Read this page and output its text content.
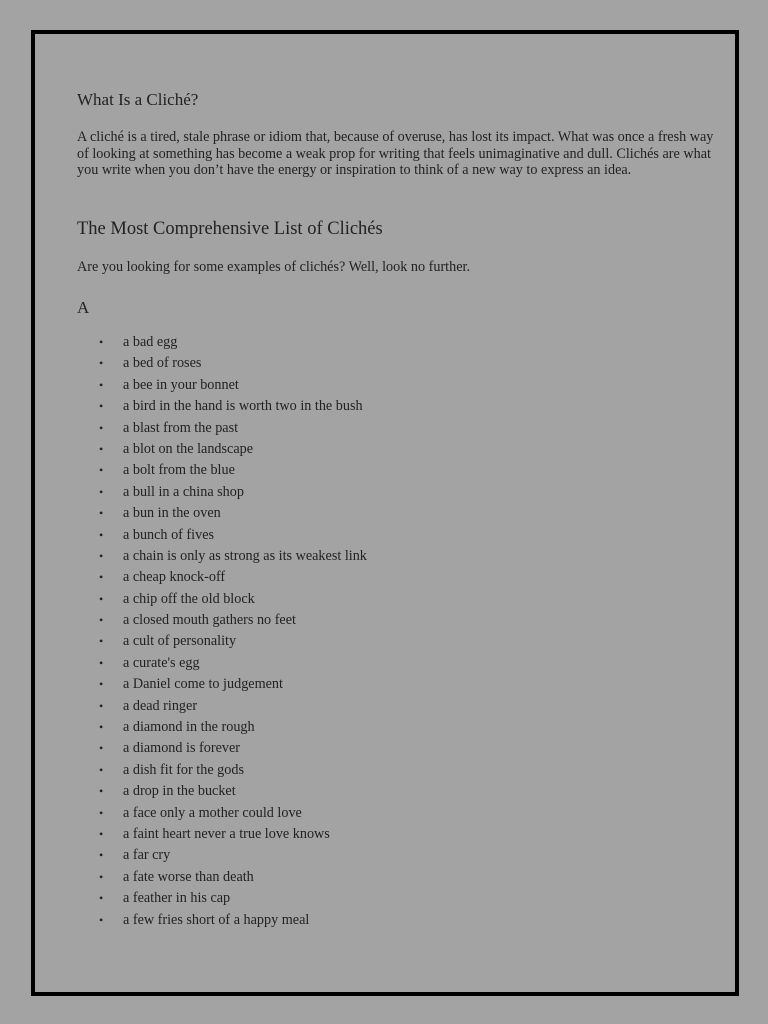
What Is a Cliché?

A cliché is a tired, stale phrase or idiom that, because of overuse, has lost its impact. What was once a fresh way of looking at something has become a weak prop for writing that feels unimaginative and dull. Clichés are what you write when you don’t have the energy or inspiration to think of a new way to express an idea.

The Most Comprehensive List of Clichés

Are you looking for some examples of clichés? Well, look no further.

A
• a bad egg
• a bed of roses
• a bee in your bonnet
• a bird in the hand is worth two in the bush
• a blast from the past
• a blot on the landscape
• a bolt from the blue
• a bull in a china shop
• a bun in the oven
• a bunch of fives
• a chain is only as strong as its weakest link
• a cheap knock-off
• a chip off the old block
• a closed mouth gathers no feet
• a cult of personality
• a curate's egg
• a Daniel come to judgement
• a dead ringer
• a diamond in the rough
• a diamond is forever
• a dish fit for the gods
• a drop in the bucket
• a face only a mother could love
• a faint heart never a true love knows
• a far cry
• a fate worse than death
• a feather in his cap
• a few fries short of a happy meal
